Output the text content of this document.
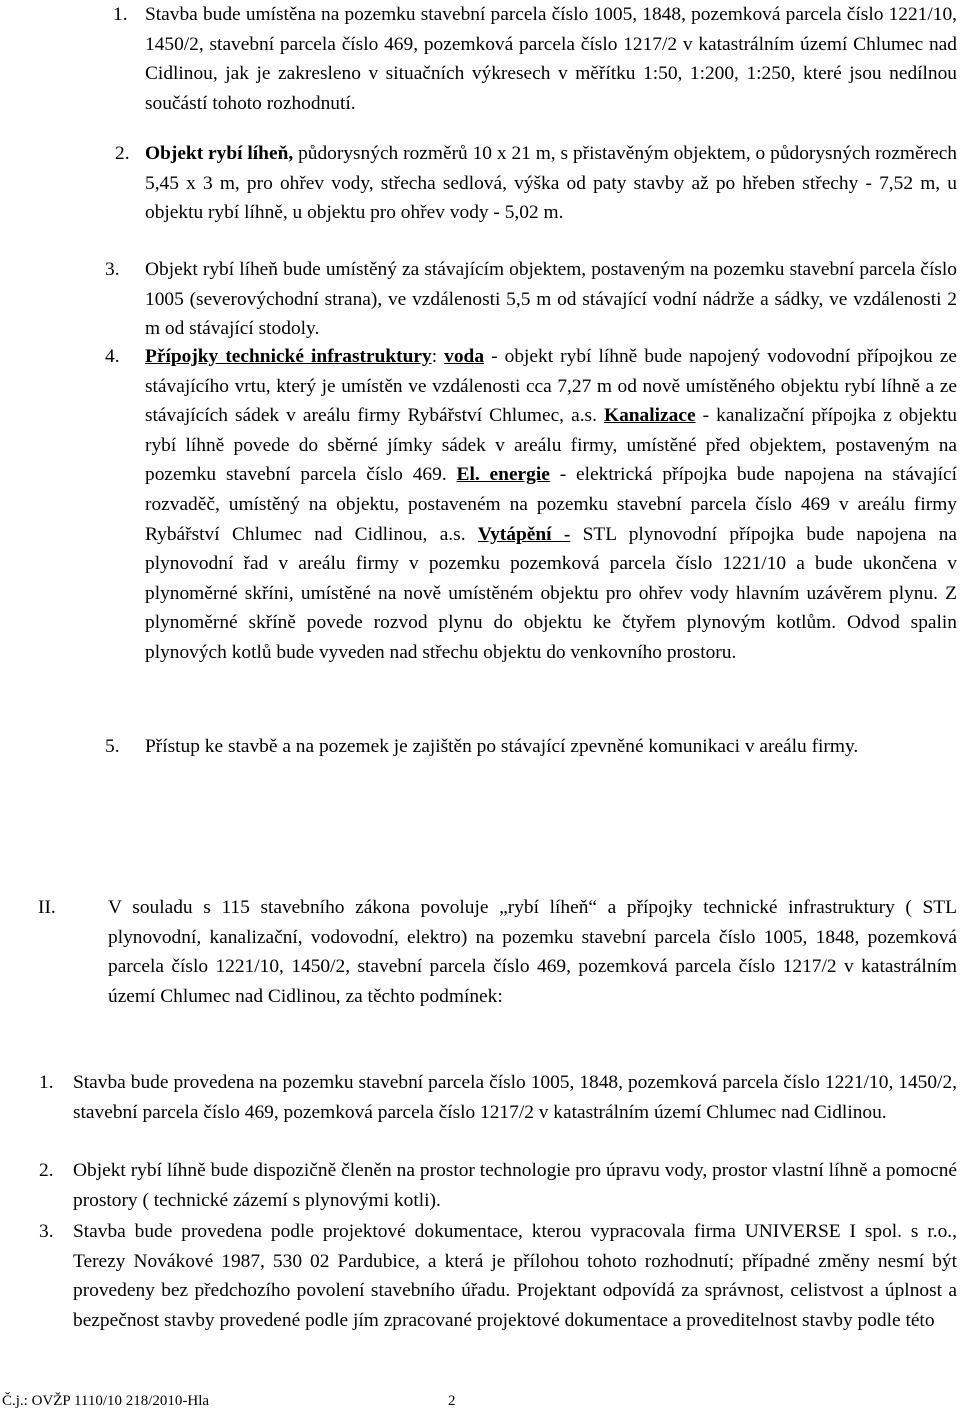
1. Stavba bude umístěna na pozemku stavební parcela číslo 1005, 1848, pozemková parcela číslo 1221/10, 1450/2, stavební parcela číslo 469, pozemková parcela číslo 1217/2 v katastrálním území Chlumec nad Cidlinou, jak je zakresleno v situačních výkresech v měřítku 1:50, 1:200, 1:250, které jsou nedílnou součástí tohoto rozhodnutí.
2. Objekt rybí líheň, půdorysných rozměrů 10 x 21 m, s přistavěným objektem, o půdorysných rozměrech 5,45 x 3 m, pro ohřev vody, střecha sedlová, výška od paty stavby až po hřeben střechy - 7,52 m, u objektu rybí líhně, u objektu pro ohřev vody - 5,02 m.
3. Objekt rybí líheň bude umístěný za stávajícím objektem, postaveným na pozemku stavební parcela číslo 1005 (severovýchodní strana), ve vzdálenosti 5,5 m od stávající vodní nádrže a sádky, ve vzdálenosti 2 m od stávající stodoly.
4. Přípojky technické infrastruktury: voda - objekt rybí líhně bude napojený vodovodní přípojkou ze stávajícího vrtu, který je umístěn ve vzdálenosti cca 7,27 m od nově umístěného objektu rybí líhně a ze stávajících sádek v areálu firmy Rybářství Chlumec, a.s. Kanalizace - kanalizační přípojka z objektu rybí líhně povede do sběrné jímky sádek v areálu firmy, umístěné před objektem, postaveným na pozemku stavební parcela číslo 469. El. energie - elektrická přípojka bude napojena na stávající rozvaděč, umístěný na objektu, postaveném na pozemku stavební parcela číslo 469 v areálu firmy Rybářství Chlumec nad Cidlinou, a.s. Vytápění - STL plynovodní přípojka bude napojena na plynovodní řad v areálu firmy v pozemku pozemková parcela číslo 1221/10 a bude ukončena v plynoměrné skříni, umístěné na nově umístěném objektu pro ohřev vody hlavním uzávěrem plynu. Z plynoměrné skříně povede rozvod plynu do objektu ke čtyřem plynovým kotlům. Odvod spalin plynových kotlů bude vyveden nad střechu objektu do venkovního prostoru.
5. Přístup ke stavbě a na pozemek je zajištěn po stávající zpevněné komunikaci v areálu firmy.
II.	V souladu s 115 stavebního zákona povoluje „rybí líheň“ a přípojky technické infrastruktury ( STL plynovodní, kanalizační, vodovodní, elektro) na pozemku stavební parcela číslo 1005, 1848, pozemková parcela číslo 1221/10, 1450/2, stavební parcela číslo 469, pozemková parcela číslo 1217/2 v katastrálním území Chlumec nad Cidlinou, za těchto podmínek:
1. Stavba bude provedena na pozemku stavební parcela číslo 1005, 1848, pozemková parcela číslo 1221/10, 1450/2, stavební parcela číslo 469, pozemková parcela číslo 1217/2 v katastrálním území Chlumec nad Cidlinou.
2. Objekt rybí líhně bude dispozičně členěn na prostor technologie pro úpravu vody, prostor vlastní líhně a pomocné prostory ( technické zázemí s plynovými kotli).
3. Stavba bude provedena podle projektové dokumentace, kterou vypracovala firma UNIVERSE I spol. s r.o., Terezy Novákové 1987, 530 02 Pardubice, a která je přílohou tohoto rozhodnutí; případné změny nesmí být provedeny bez předchozího povolení stavebního úřadu. Projektant odpovídá za správnost, celistvost a úplnost a bezpečnost stavby provedené podle jím zpracované projektové dokumentace a proveditelnost stavby podle této
Č.j.: OVŽP 1110/10 218/2010-Hla	2
